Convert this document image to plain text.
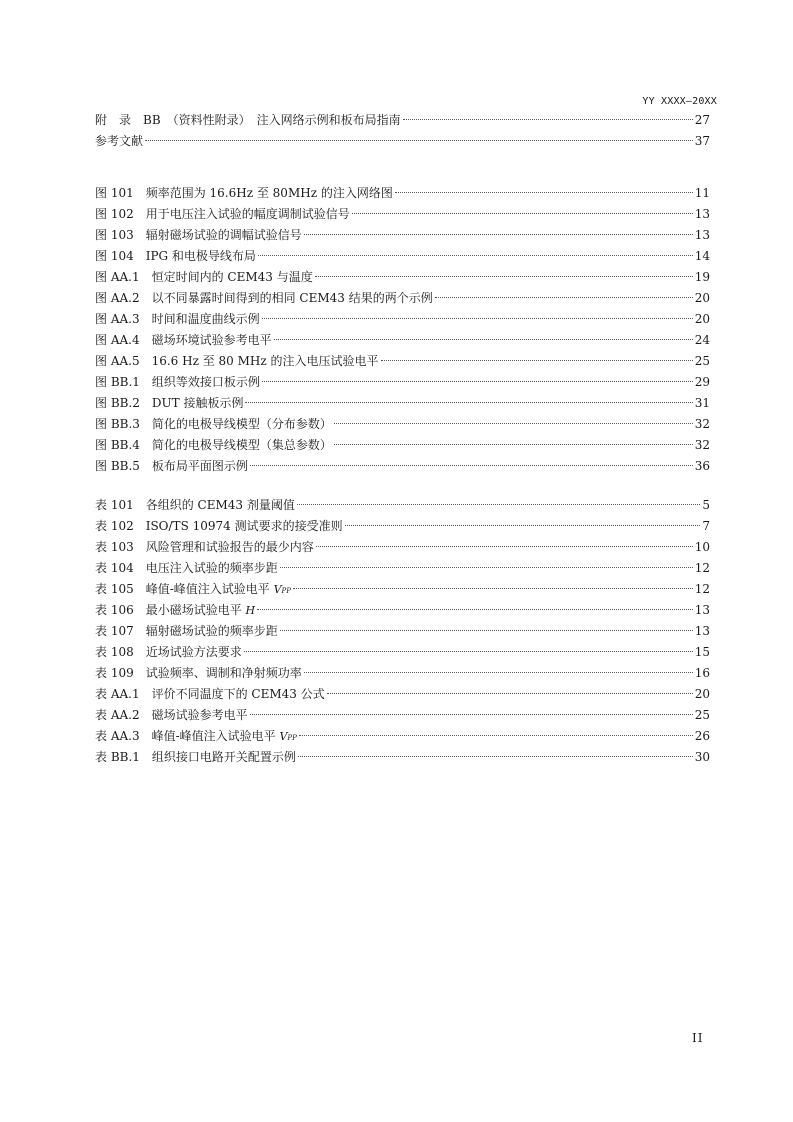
YY XXXX—20XX
附　录　BB　（资料性附录）　注入网络示例和板布局指南	27
参考文献	37
图 101　频率范围为 16.6Hz 至 80MHz 的注入网络图	11
图 102　用于电压注入试验的幅度调制试验信号	13
图 103　辐射磁场试验的调幅试验信号	13
图 104　IPG 和电极导线布局	14
图 AA.1　恒定时间内的 CEM43 与温度	19
图 AA.2　以不同暴露时间得到的相同 CEM43 结果的两个示例	20
图 AA.3　时间和温度曲线示例	20
图 AA.4　磁场环境试验参考电平	24
图 AA.5　16.6 Hz 至 80 MHz 的注入电压试验电平	25
图 BB.1　组织等效接口板示例	29
图 BB.2　DUT 接触板示例	31
图 BB.3　简化的电极导线模型（分布参数）	32
图 BB.4　简化的电极导线模型（集总参数）	32
图 BB.5　板布局平面图示例	36
表 101　各组织的 CEM43 剂量阈值	5
表 102　ISO/TS 10974 测试要求的接受准则	7
表 103　风险管理和试验报告的最少内容	10
表 104　电压注入试验的频率步距	12
表 105　峰值-峰值注入试验电平 VPP	12
表 106　最小磁场试验电平 H	13
表 107　辐射磁场试验的频率步距	13
表 108　近场试验方法要求	15
表 109　试验频率、调制和净射频功率	16
表 AA.1　评价不同温度下的 CEM43 公式	20
表 AA.2　磁场试验参考电平	25
表 AA.3　峰值-峰值注入试验电平 VPP	26
表 BB.1　组织接口电路开关配置示例	30
II
